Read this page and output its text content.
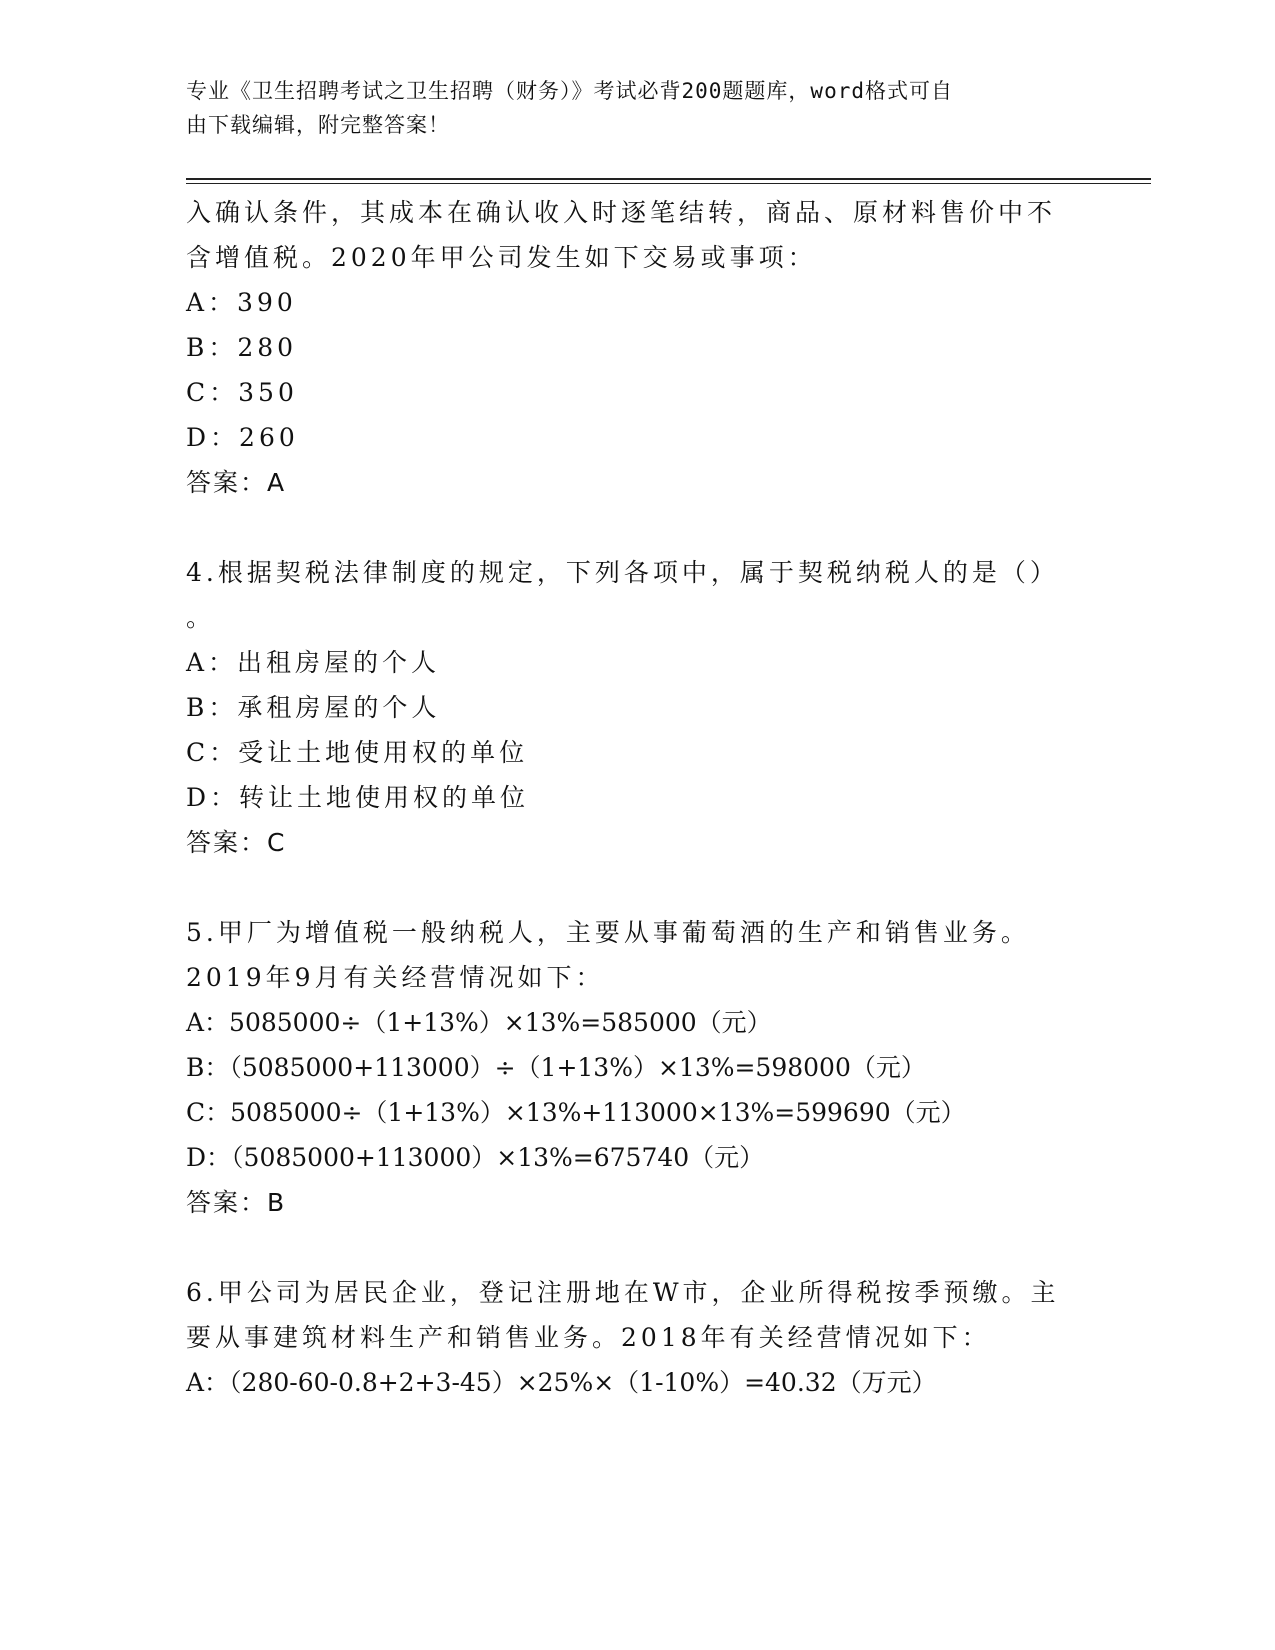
专业《卫生招聘考试之卫生招聘（财务）》考试必背200题题库，word格式可自
由下载编辑，附完整答案！
入确认条件，其成本在确认收入时逐笔结转，商品、原材料售价中不
含增值税。2020年甲公司发生如下交易或事项：
A：390
B：280
C：350
D：260
答案：A
4.根据契税法律制度的规定，下列各项中，属于契税纳税人的是（）
。
A：出租房屋的个人
B：承租房屋的个人
C：受让土地使用权的单位
D：转让土地使用权的单位
答案：C
5.甲厂为增值税一般纳税人，主要从事葡萄酒的生产和销售业务。
2019年9月有关经营情况如下：
A：5085000÷（1+13%）×13%=585000（元）
B：（5085000+113000）÷（1+13%）×13%=598000（元）
C：5085000÷（1+13%）×13%+113000×13%=599690（元）
D：（5085000+113000）×13%=675740（元）
答案：B
6.甲公司为居民企业，登记注册地在W市，企业所得税按季预缴。主
要从事建筑材料生产和销售业务。2018年有关经营情况如下：
A：（280-60-0.8+2+3-45）×25%×（1-10%）=40.32（万元）
